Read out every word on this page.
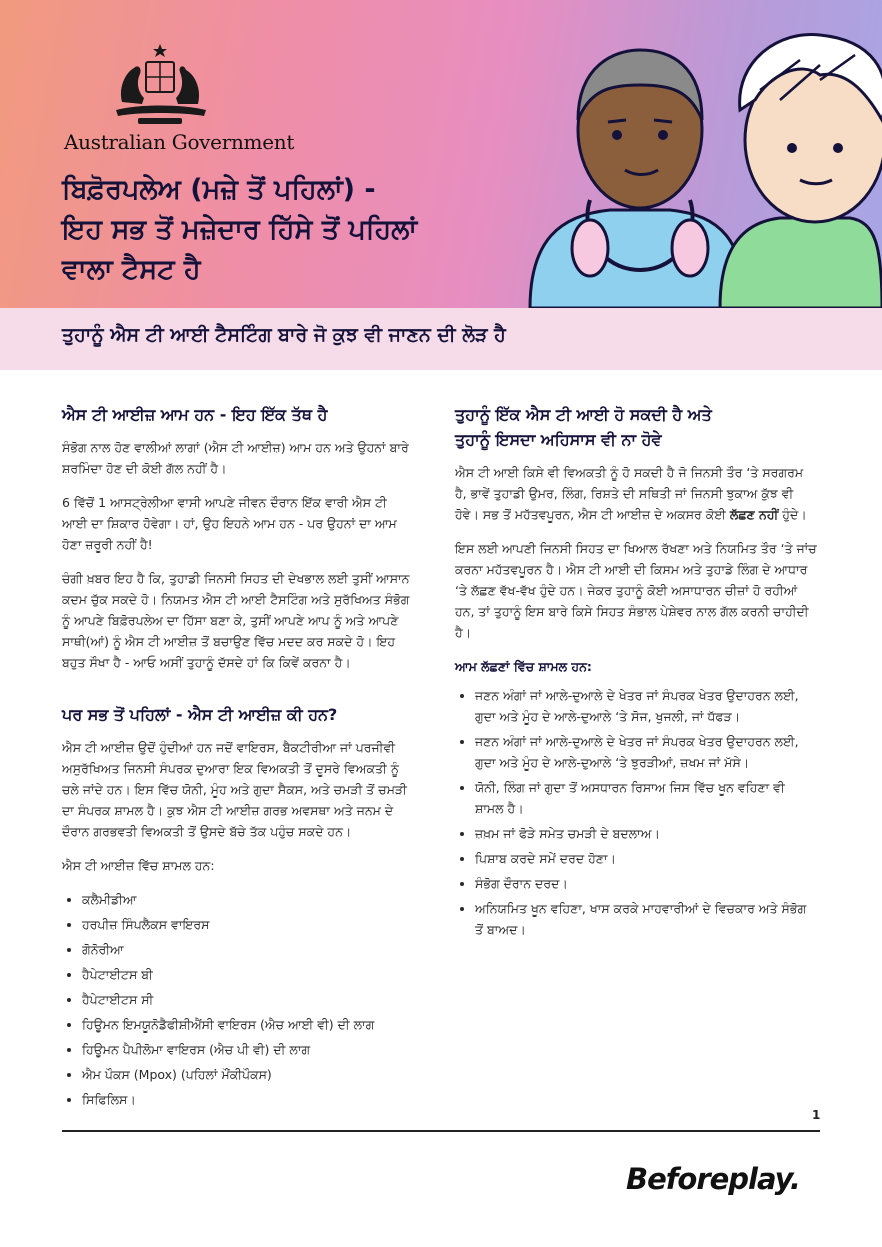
Australian Government
ਬਿਫ਼ੋਰਪਲੇਅ (ਮਜ਼ੇ ਤੋਂ ਪਹਿਲਾਂ) -
ਇਹ ਸਭ ਤੋਂ ਮਜ਼ੇਦਾਰ ਹਿੱਸੇ ਤੋਂ ਪਹਿਲਾਂ
ਵਾਲਾ ਟੈਸਟ ਹੈ
ਤੁਹਾਨੂੰ ਐਸ ਟੀ ਆਈ ਟੈਸਟਿੰਗ ਬਾਰੇ ਜੋ ਕੁਝ ਵੀ ਜਾਣਨ ਦੀ ਲੋੜ ਹੈ
ਐਸ ਟੀ ਆਈਜ਼ ਆਮ ਹਨ - ਇਹ ਇੱਕ ਤੱਥ ਹੈ

ਸੰਭੋਗ ਨਾਲ ਹੋਣ ਵਾਲੀਆਂ ਲਾਗਾਂ (ਐਸ ਟੀ ਆਈਜ਼) ਆਮ ਹਨ ਅਤੇ ਉਹਨਾਂ ਬਾਰੇ ਸ਼ਰਮਿੰਦਾ ਹੋਣ ਦੀ ਕੋਈ ਗੱਲ ਨਹੀਂ ਹੈ।

6 ਵਿੱਚੋਂ 1 ਆਸਟ੍ਰੇਲੀਆ ਵਾਸੀ ਆਪਣੇ ਜੀਵਨ ਦੌਰਾਨ ਇੱਕ ਵਾਰੀ ਐਸ ਟੀ ਆਈ ਦਾ ਸ਼ਿਕਾਰ ਹੋਵੇਗਾ। ਹਾਂ, ਉਹ ਇਹਨੇ ਆਮ ਹਨ - ਪਰ ਉਹਨਾਂ ਦਾ ਆਮ ਹੋਣਾ ਜ਼ਰੂਰੀ ਨਹੀਂ ਹੈ!

ਚੰਗੀ ਖ਼ਬਰ ਇਹ ਹੈ ਕਿ, ਤੁਹਾਡੀ ਜਿਨਸੀ ਸਿਹਤ ਦੀ ਦੇਖਭਾਲ ਲਈ ਤੁਸੀਂ ਆਸਾਨ ਕਦਮ ਚੁੱਕ ਸਕਦੇ ਹੋ। ਨਿਯਮਤ ਐਸ ਟੀ ਆਈ ਟੈਸਟਿੰਗ ਅਤੇ ਸੁਰੱਖਿਅਤ ਸੰਭੋਗ ਨੂੰ ਆਪਣੇ ਬਿਫ਼ੋਰਪਲੇਅ ਦਾ ਹਿੱਸਾ ਬਣਾ ਕੇ, ਤੁਸੀਂ ਆਪਣੇ ਆਪ ਨੂੰ ਅਤੇ ਆਪਣੇ ਸਾਥੀ(ਆਂ) ਨੂੰ ਐਸ ਟੀ ਆਈਜ਼ ਤੋਂ ਬਚਾਉਣ ਵਿੱਚ ਮਦਦ ਕਰ ਸਕਦੇ ਹੋ। ਇਹ ਬਹੁਤ ਸੌਖਾ ਹੈ - ਆਓ ਅਸੀਂ ਤੁਹਾਨੂੰ ਦੱਸਦੇ ਹਾਂ ਕਿ ਕਿਵੇਂ ਕਰਨਾ ਹੈ।

ਪਰ ਸਭ ਤੋਂ ਪਹਿਲਾਂ - ਐਸ ਟੀ ਆਈਜ਼ ਕੀ ਹਨ?

ਐਸ ਟੀ ਆਈਜ਼ ਉਦੋਂ ਹੁੰਦੀਆਂ ਹਨ ਜਦੋਂ ਵਾਇਰਸ, ਬੈਕਟੀਰੀਆ ਜਾਂ ਪਰਜੀਵੀ ਅਸੁਰੱਖਿਅਤ ਜਿਨਸੀ ਸੰਪਰਕ ਦੁਆਰਾ ਇਕ ਵਿਅਕਤੀ ਤੋਂ ਦੂਸਰੇ ਵਿਅਕਤੀ ਨੂੰ ਚਲੇ ਜਾਂਦੇ ਹਨ। ਇਸ ਵਿੱਚ ਯੋਨੀ, ਮੂੰਹ ਅਤੇ ਗੁਦਾ ਸੈਕਸ, ਅਤੇ ਚਮੜੀ ਤੋਂ ਚਮੜੀ ਦਾ ਸੰਪਰਕ ਸ਼ਾਮਲ ਹੈ। ਕੁਝ ਐਸ ਟੀ ਆਈਜ਼ ਗਰਭ ਅਵਸਥਾ ਅਤੇ ਜਨਮ ਦੇ ਦੌਰਾਨ ਗਰਭਵਤੀ ਵਿਅਕਤੀ ਤੋਂ ਉਸਦੇ ਬੱਚੇ ਤੱਕ ਪਹੁੰਚ ਸਕਦੇ ਹਨ।

ਐਸ ਟੀ ਆਈਜ਼ ਵਿੱਚ ਸ਼ਾਮਲ ਹਨ:

• ਕਲੈਮੀਡੀਆ
• ਹਰਪੀਜ਼ ਸਿੰਪਲੈਕਸ ਵਾਇਰਸ
• ਗੋਨੋਰੀਆ
• ਹੈਪੇਟਾਈਟਸ ਬੀ
• ਹੈਪੇਟਾਈਟਸ ਸੀ
• ਹਿਊਮਨ ਇਮਯੂਨੋਡੈਫੀਸ਼ੀਐਂਸੀ ਵਾਇਰਸ (ਐਚ ਆਈ ਵੀ) ਦੀ ਲਾਗ
• ਹਿਊਮਨ ਪੈਪੀਲੋਮਾ ਵਾਇਰਸ (ਐਚ ਪੀ ਵੀ) ਦੀ ਲਾਗ
• ਐਮ ਪੌਕਸ (Mpox) (ਪਹਿਲਾਂ ਮੌਂਕੀਪੌਕਸ)
• ਸਿਫਿਲਿਸ।
ਤੁਹਾਨੂੰ ਇੱਕ ਐਸ ਟੀ ਆਈ ਹੋ ਸਕਦੀ ਹੈ ਅਤੇ
ਤੁਹਾਨੂੰ ਇਸਦਾ ਅਹਿਸਾਸ ਵੀ ਨਾ ਹੋਵੇ

ਐਸ ਟੀ ਆਈ ਕਿਸੇ ਵੀ ਵਿਅਕਤੀ ਨੂੰ ਹੋ ਸਕਦੀ ਹੈ ਜੋ ਜਿਨਸੀ ਤੌਰ ‘ਤੇ ਸਰਗਰਮ ਹੈ, ਭਾਵੇਂ ਤੁਹਾਡੀ ਉਮਰ, ਲਿੰਗ, ਰਿਸ਼ਤੇ ਦੀ ਸਥਿਤੀ ਜਾਂ ਜਿਨਸੀ ਝੁਕਾਅ ਕੁੱਝ ਵੀ ਹੋਵੇ। ਸਭ ਤੋਂ ਮਹੱਤਵਪੂਰਨ, ਐਸ ਟੀ ਆਈਜ਼ ਦੇ ਅਕਸਰ ਕੋਈ ਲੱਛਣ ਨਹੀਂ ਹੁੰਦੇ।

ਇਸ ਲਈ ਆਪਣੀ ਜਿਨਸੀ ਸਿਹਤ ਦਾ ਖਿਆਲ ਰੱਖਣਾ ਅਤੇ ਨਿਯਮਿਤ ਤੌਰ ‘ਤੇ ਜਾਂਚ ਕਰਨਾ ਮਹੱਤਵਪੂਰਨ ਹੈ। ਐਸ ਟੀ ਆਈ ਦੀ ਕਿਸਮ ਅਤੇ ਤੁਹਾਡੇ ਲਿੰਗ ਦੇ ਆਧਾਰ ‘ਤੇ ਲੱਛਣ ਵੱਖ-ਵੱਖ ਹੁੰਦੇ ਹਨ। ਜੇਕਰ ਤੁਹਾਨੂੰ ਕੋਈ ਅਸਾਧਾਰਨ ਚੀਜ਼ਾਂ ਹੋ ਰਹੀਆਂ ਹਨ, ਤਾਂ ਤੁਹਾਨੂੰ ਇਸ ਬਾਰੇ ਕਿਸੇ ਸਿਹਤ ਸੰਭਾਲ ਪੇਸ਼ੇਵਰ ਨਾਲ ਗੱਲ ਕਰਨੀ ਚਾਹੀਦੀ ਹੈ।

ਆਮ ਲੱਛਣਾਂ ਵਿੱਚ ਸ਼ਾਮਲ ਹਨ:
• ਜਣਨ ਅੰਗਾਂ ਜਾਂ ਆਲੇ-ਦੁਆਲੇ ਦੇ ਖੇਤਰ ਜਾਂ ਸੰਪਰਕ ਖੇਤਰ ਉਦਾਹਰਨ ਲਈ, ਗੁਦਾ ਅਤੇ ਮੂੰਹ ਦੇ ਆਲੇ-ਦੁਆਲੇ ‘ਤੇ ਸੋਜ, ਖੁਜਲੀ, ਜਾਂ ਧੱਫੜ।
• ਜਣਨ ਅੰਗਾਂ ਜਾਂ ਆਲੇ-ਦੁਆਲੇ ਦੇ ਖੇਤਰ ਜਾਂ ਸੰਪਰਕ ਖੇਤਰ ਉਦਾਹਰਨ ਲਈ, ਗੁਦਾ ਅਤੇ ਮੂੰਹ ਦੇ ਆਲੇ-ਦੁਆਲੇ ‘ਤੇ ਝੁਰੜੀਆਂ, ਜ਼ਖਮ ਜਾਂ ਮੱਸੇ।
• ਯੋਨੀ, ਲਿੰਗ ਜਾਂ ਗੁਦਾ ਤੋਂ ਅਸਧਾਰਨ ਰਿਸਾਅ ਜਿਸ ਵਿੱਚ ਖੂਨ ਵਹਿਣਾ ਵੀ ਸ਼ਾਮਲ ਹੈ।
• ਜ਼ਖ਼ਮ ਜਾਂ ਫੋੜੇ ਸਮੇਤ ਚਮੜੀ ਦੇ ਬਦਲਾਅ।
• ਪਿਸ਼ਾਬ ਕਰਦੇ ਸਮੇਂ ਦਰਦ ਹੋਣਾ।
• ਸੰਭੋਗ ਦੌਰਾਨ ਦਰਦ।
• ਅਨਿਯਮਿਤ ਖੂਨ ਵਹਿਣਾ, ਖਾਸ ਕਰਕੇ ਮਾਹਵਾਰੀਆਂ ਦੇ ਵਿਚਕਾਰ ਅਤੇ ਸੰਭੋਗ ਤੋਂ ਬਾਅਦ।
1
Beforeplay.
